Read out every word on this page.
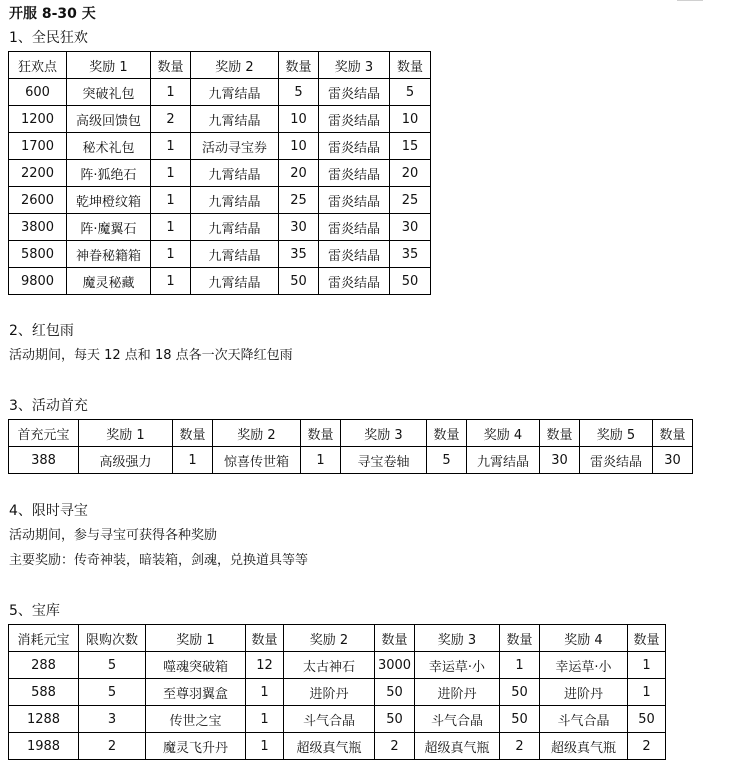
开服 8-30 天
1、全民狂欢
狂欢点	奖励 1	数量	奖励 2	数量	奖励 3	数量
600	突破礼包	1	九霄结晶	5	雷炎结晶	5
1200	高级回馈包	2	九霄结晶	10	雷炎结晶	10
1700	秘术礼包	1	活动寻宝券	10	雷炎结晶	15
2200	阵·狐绝石	1	九霄结晶	20	雷炎结晶	20
2600	乾坤橙纹箱	1	九霄结晶	25	雷炎结晶	25
3800	阵·魔翼石	1	九霄结晶	30	雷炎结晶	30
5800	神眷秘籍箱	1	九霄结晶	35	雷炎结晶	35
9800	魔灵秘藏	1	九霄结晶	50	雷炎结晶	50
2、红包雨
活动期间，每天 12 点和 18 点各一次天降红包雨
3、活动首充
首充元宝	奖励 1	数量	奖励 2	数量	奖励 3	数量	奖励 4	数量	奖励 5	数量
388	高级强力	1	惊喜传世箱	1	寻宝卷轴	5	九霄结晶	30	雷炎结晶	30
4、限时寻宝
活动期间，参与寻宝可获得各种奖励
主要奖励：传奇神装，暗装箱，剑魂，兑换道具等等
5、宝库
消耗元宝	限购次数	奖励 1	数量	奖励 2	数量	奖励 3	数量	奖励 4	数量
288	5	噬魂突破箱	12	太古神石	3000	幸运草·小	1	幸运草·小	1
588	5	至尊羽翼盒	1	进阶丹	50	进阶丹	50	进阶丹	1
1288	3	传世之宝	1	斗气合晶	50	斗气合晶	50	斗气合晶	50
1988	2	魔灵飞升丹	1	超级真气瓶	2	超级真气瓶	2	超级真气瓶	2
